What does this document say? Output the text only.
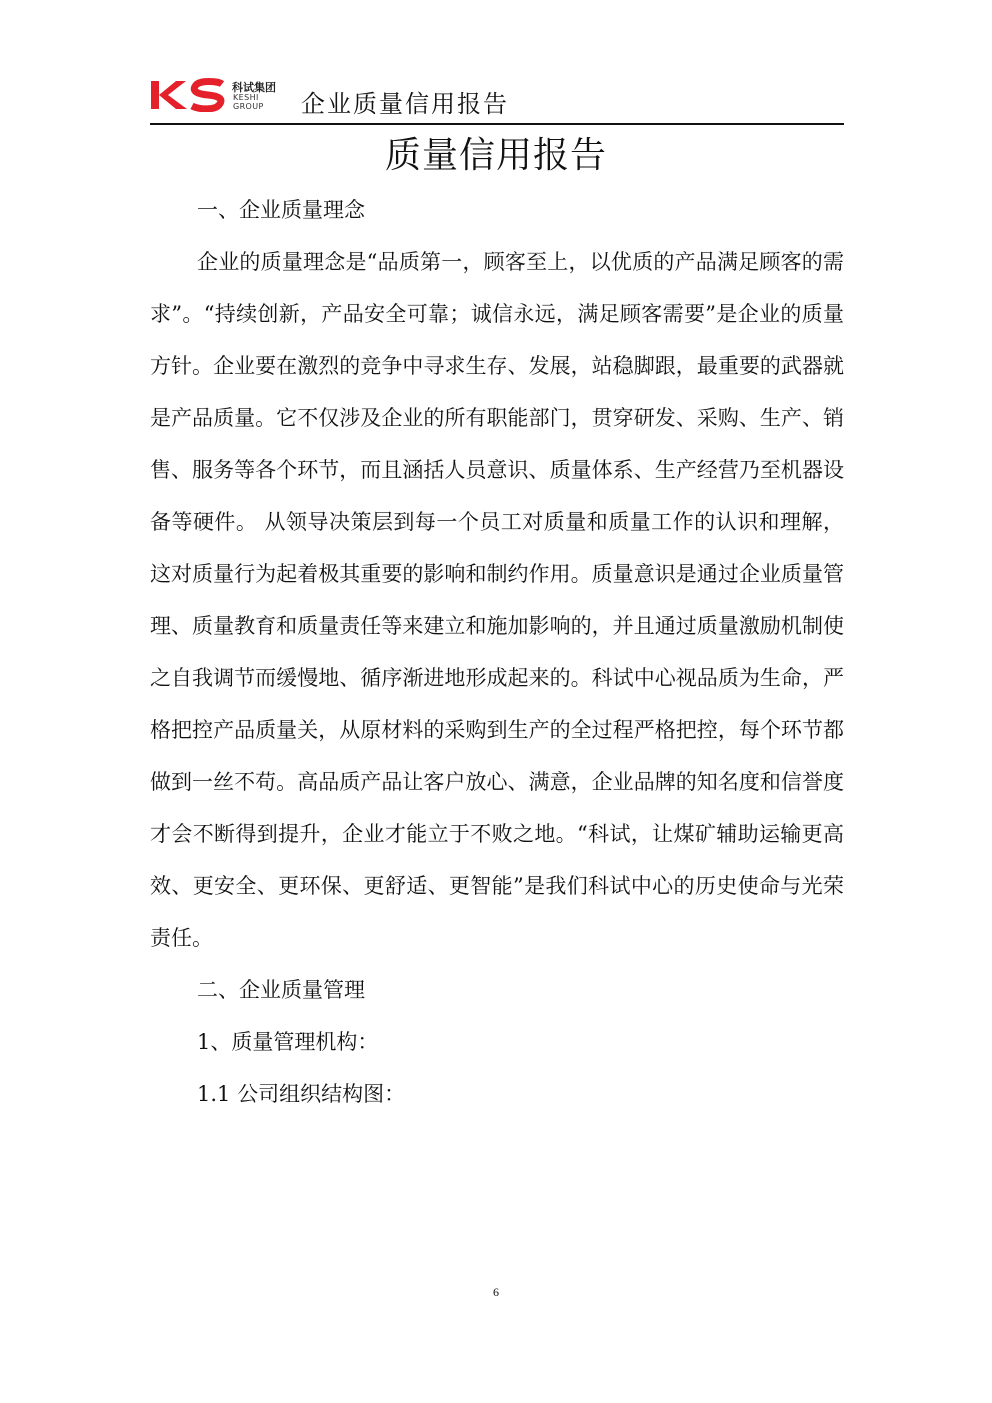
科试集团
KESHI
GROUP 企业质量信用报告
质量信用报告
一、企业质量理念
企业的质量理念是“品质第一，顾客至上，以优质的产品满足顾客的需求”。“持续创新，产品安全可靠；诚信永远，满足顾客需要”是企业的质量方针。企业要在激烈的竞争中寻求生存、发展，站稳脚跟，最重要的武器就是产品质量。它不仅涉及企业的所有职能部门，贯穿研发、采购、生产、销售、服务等各个环节，而且涵括人员意识、质量体系、生产经营乃至机器设备等硬件。 从领导决策层到每一个员工对质量和质量工作的认识和理解，这对质量行为起着极其重要的影响和制约作用。质量意识是通过企业质量管理、质量教育和质量责任等来建立和施加影响的，并且通过质量激励机制使之自我调节而缓慢地、循序渐进地形成起来的。科试中心视品质为生命，严格把控产品质量关，从原材料的采购到生产的全过程严格把控，每个环节都做到一丝不苟。高品质产品让客户放心、满意，企业品牌的知名度和信誉度才会不断得到提升，企业才能立于不败之地。“科试，让煤矿辅助运输更高效、更安全、更环保、更舒适、更智能”是我们科试中心的历史使命与光荣责任。
二、企业质量管理
1、质量管理机构：
1.1 公司组织结构图：
6
